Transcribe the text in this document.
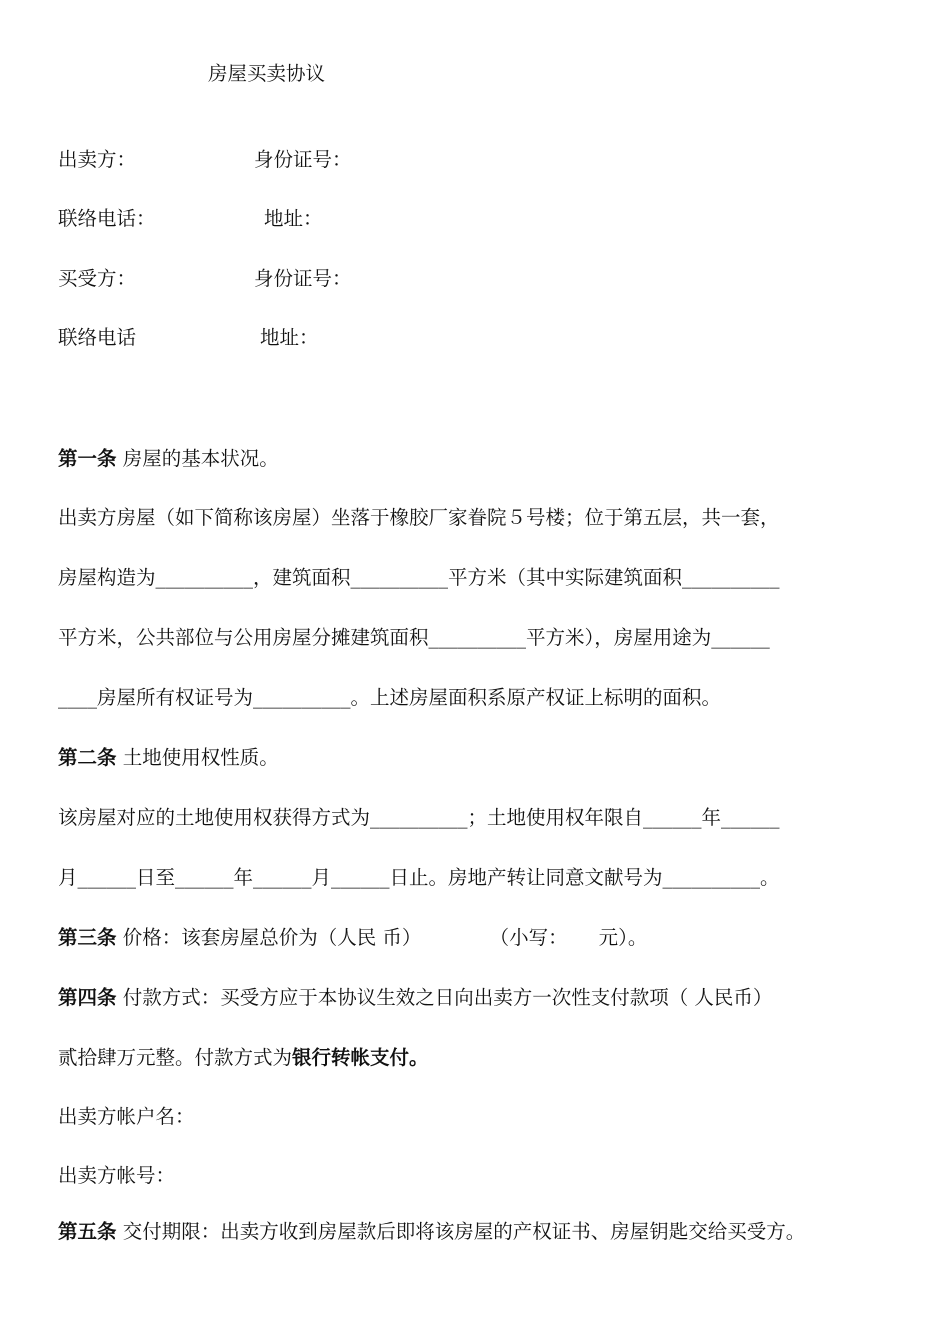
房屋买卖协议
出卖方：	身份证号：
联络电话：	地址：
买受方：	身份证号：
联络电话	地址：
第一条 房屋的基本状况。
出卖方房屋（如下简称该房屋）坐落于橡胶厂家眷院５号楼；位于第五层，共一套，
房屋构造为__________，建筑面积__________平方米（其中实际建筑面积__________
平方米，公共部位与公用房屋分摊建筑面积__________平方米），房屋用途为______
____房屋所有权证号为__________。上述房屋面积系原产权证上标明的面积。
第二条 土地使用权性质。
该房屋对应的土地使用权获得方式为__________；土地使用权年限自______年______
月______日至______年______月______日止。房地产转让同意文献号为__________。
第三条 价格：该套房屋总价为（人民 币）           （小写：     元）。
第四条 付款方式：买受方应于本协议生效之日向出卖方一次性支付款项（ 人民币）
贰拾肆万元整。付款方式为银行转帐支付。
出卖方帐户名：
出卖方帐号：
第五条 交付期限：出卖方收到房屋款后即将该房屋的产权证书、房屋钥匙交给买受方。
